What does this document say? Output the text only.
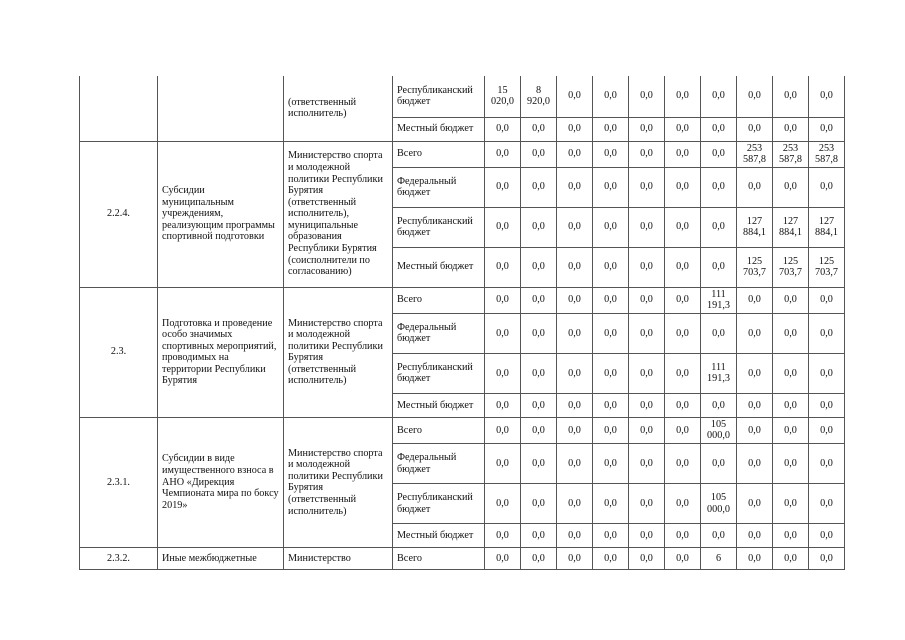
		(ответственный исполнитель)	Республиканский бюджет	15 020,0	8 920,0	0,0	0,0	0,0	0,0	0,0	0,0	0,0	0,0
			Местный бюджет	0,0	0,0	0,0	0,0	0,0	0,0	0,0	0,0	0,0	0,0
2.2.4.	Субсидии муниципальным учреждениям, реализующим программы спортивной подготовки	Министерство спорта и молодежной политики Республики Бурятия (ответственный исполнитель), муниципальные образования Республики Бурятия (соисполнители по согласованию)	Всего	0,0	0,0	0,0	0,0	0,0	0,0	0,0	253 587,8	253 587,8	253 587,8
			Федеральный бюджет	0,0	0,0	0,0	0,0	0,0	0,0	0,0	0,0	0,0	0,0
			Республиканский бюджет	0,0	0,0	0,0	0,0	0,0	0,0	0,0	127 884,1	127 884,1	127 884,1
			Местный бюджет	0,0	0,0	0,0	0,0	0,0	0,0	0,0	125 703,7	125 703,7	125 703,7
2.3.	Подготовка и проведение особо значимых спортивных мероприятий, проводимых на территории Республики Бурятия	Министерство спорта и молодежной политики Республики Бурятия (ответственный исполнитель)	Всего	0,0	0,0	0,0	0,0	0,0	0,0	111 191,3	0,0	0,0	0,0
			Федеральный бюджет	0,0	0,0	0,0	0,0	0,0	0,0	0,0	0,0	0,0	0,0
			Республиканский бюджет	0,0	0,0	0,0	0,0	0,0	0,0	111 191,3	0,0	0,0	0,0
			Местный бюджет	0,0	0,0	0,0	0,0	0,0	0,0	0,0	0,0	0,0	0,0
2.3.1.	Субсидии в виде имущественного взноса в АНО «Дирекция Чемпионата мира по боксу 2019»	Министерство спорта и молодежной политики Республики Бурятия (ответственный исполнитель)	Всего	0,0	0,0	0,0	0,0	0,0	0,0	105 000,0	0,0	0,0	0,0
			Федеральный бюджет	0,0	0,0	0,0	0,0	0,0	0,0	0,0	0,0	0,0	0,0
			Республиканский бюджет	0,0	0,0	0,0	0,0	0,0	0,0	105 000,0	0,0	0,0	0,0
			Местный бюджет	0,0	0,0	0,0	0,0	0,0	0,0	0,0	0,0	0,0	0,0
2.3.2.	Иные межбюджетные	Министерство	Всего	0,0	0,0	0,0	0,0	0,0	0,0	6	0,0	0,0	0,0
